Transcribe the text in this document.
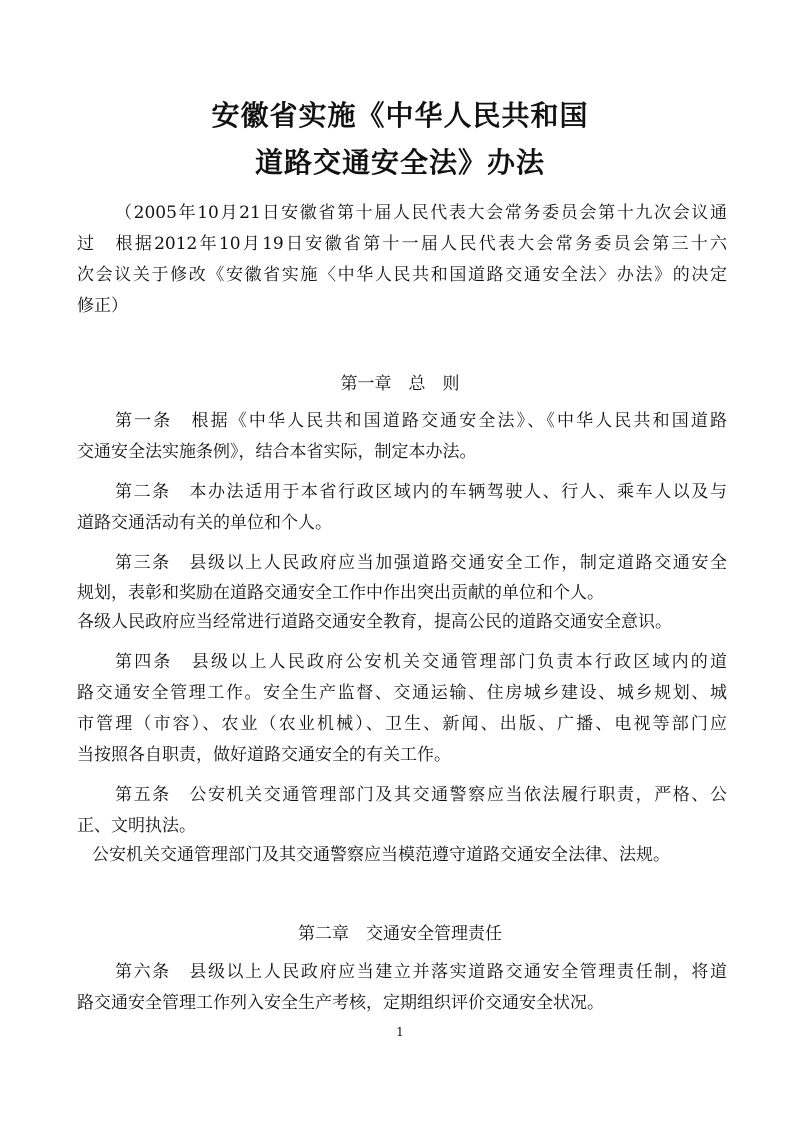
安徽省实施《中华人民共和国
道路交通安全法》办法
（2005年10月21日安徽省第十届人民代表大会常务委员会第十九次会议通
过　根据2012年10月19日安徽省第十一届人民代表大会常务委员会第三十六
次会议关于修改《安徽省实施〈中华人民共和国道路交通安全法〉办法》的决定
修正）
第一章　总　则
第一条　根据《中华人民共和国道路交通安全法》、《中华人民共和国道路
交通安全法实施条例》，结合本省实际，制定本办法。
第二条　本办法适用于本省行政区域内的车辆驾驶人、行人、乘车人以及与
道路交通活动有关的单位和个人。
第三条　县级以上人民政府应当加强道路交通安全工作，制定道路交通安全
规划，表彰和奖励在道路交通安全工作中作出突出贡献的单位和个人。
各级人民政府应当经常进行道路交通安全教育，提高公民的道路交通安全意识。
第四条　县级以上人民政府公安机关交通管理部门负责本行政区域内的道
路交通安全管理工作。安全生产监督、交通运输、住房城乡建设、城乡规划、城
市管理（市容）、农业（农业机械）、卫生、新闻、出版、广播、电视等部门应
当按照各自职责，做好道路交通安全的有关工作。
第五条　公安机关交通管理部门及其交通警察应当依法履行职责，严格、公
正、文明执法。
公安机关交通管理部门及其交通警察应当模范遵守道路交通安全法律、法规。
第二章　交通安全管理责任
第六条　县级以上人民政府应当建立并落实道路交通安全管理责任制，将道
路交通安全管理工作列入安全生产考核，定期组织评价交通安全状况。
1
